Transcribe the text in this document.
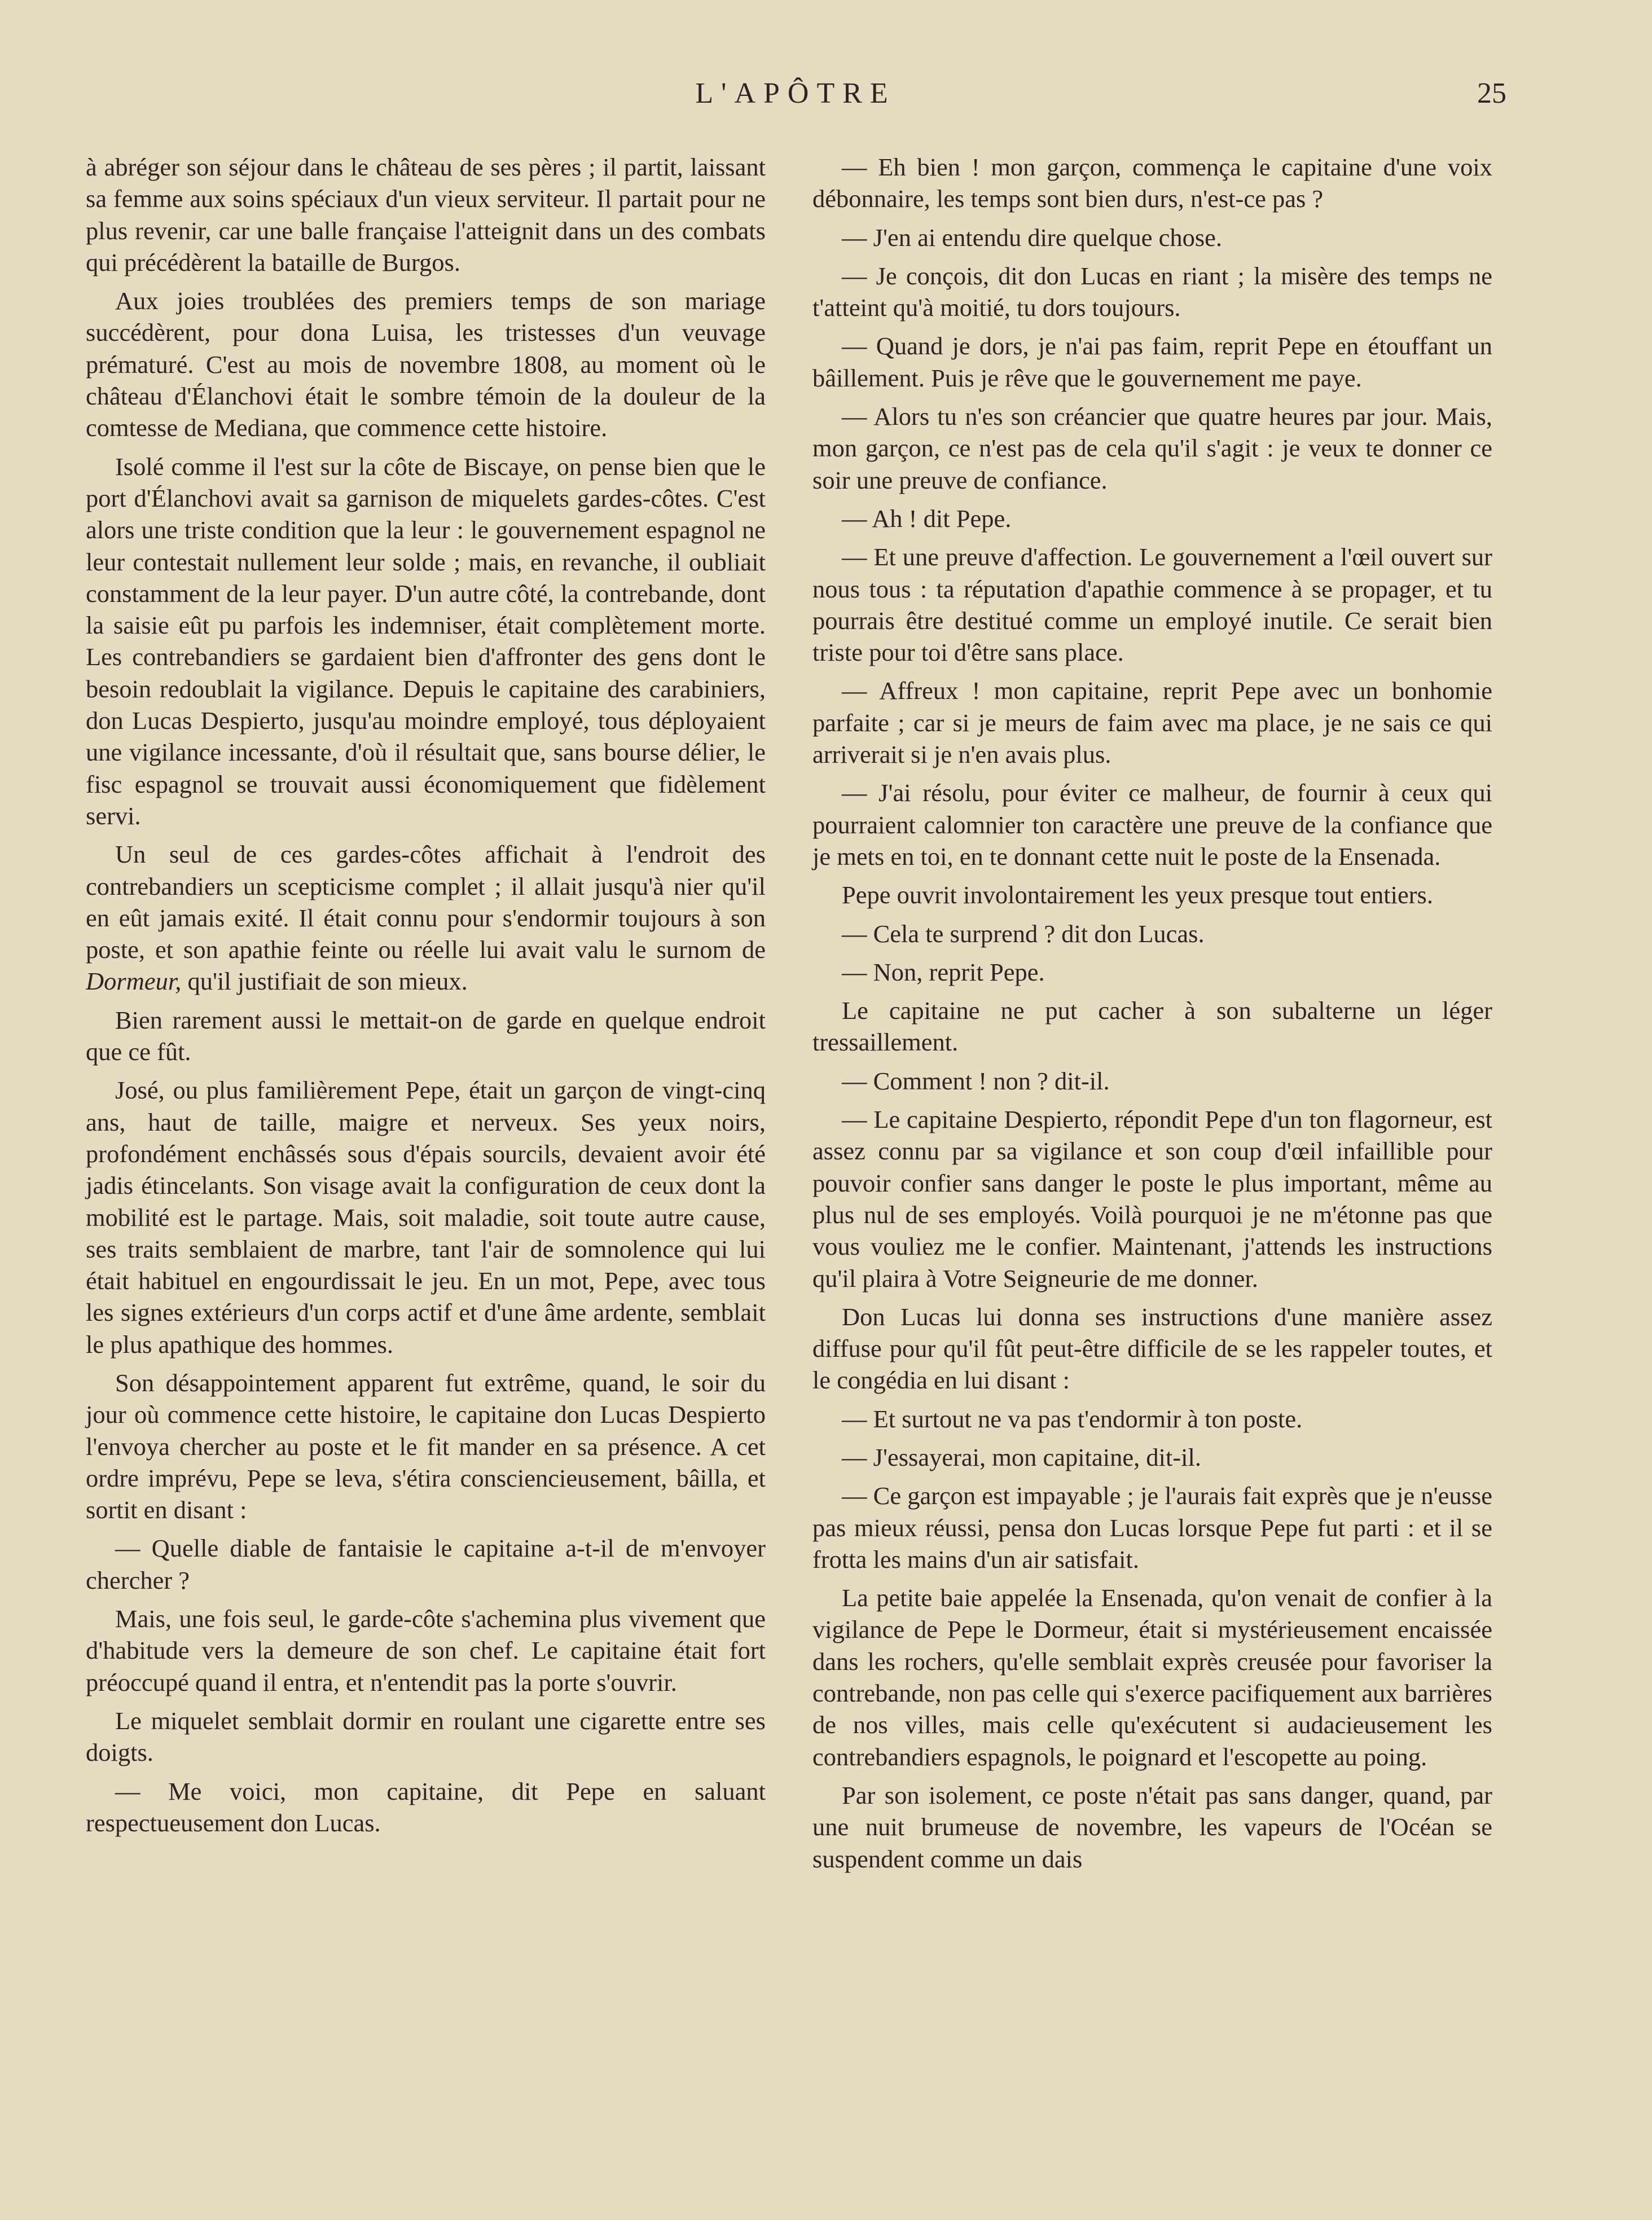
L'APÔTRE	25

à abréger son séjour dans le château de ses pères ; il partit, laissant sa femme aux soins spéciaux d'un vieux serviteur. Il partait pour ne plus revenir, car une balle française l'atteignit dans un des combats qui précédèrent la bataille de Burgos.

Aux joies troublées des premiers temps de son mariage succédèrent, pour dona Luisa, les tristesses d'un veuvage prématuré. C'est au mois de novembre 1808, au moment où le château d'Élanchovi était le sombre témoin de la douleur de la comtesse de Mediana, que commence cette histoire.

Isolé comme il l'est sur la côte de Biscaye, on pense bien que le port d'Élanchovi avait sa garnison de miquelets gardes-côtes. C'est alors une triste condition que la leur : le gouvernement espagnol ne leur contestait nullement leur solde ; mais, en revanche, il oubliait constamment de la leur payer. D'un autre côté, la contrebande, dont la saisie eût pu parfois les indemniser, était complètement morte. Les contrebandiers se gardaient bien d'affronter des gens dont le besoin redoublait la vigilance. Depuis le capitaine des carabiniers, don Lucas Despierto, jusqu'au moindre employé, tous déployaient une vigilance incessante, d'où il résultait que, sans bourse délier, le fisc espagnol se trouvait aussi économiquement que fidèlement servi.

Un seul de ces gardes-côtes affichait à l'endroit des contrebandiers un scepticisme complet ; il allait jusqu'à nier qu'il en eût jamais exité. Il était connu pour s'endormir toujours à son poste, et son apathie feinte ou réelle lui avait valu le surnom de Dormeur, qu'il justifiait de son mieux.

Bien rarement aussi le mettait-on de garde en quelque endroit que ce fût.

José, ou plus familièrement Pepe, était un garçon de vingt-cinq ans, haut de taille, maigre et nerveux. Ses yeux noirs, profondément enchâssés sous d'épais sourcils, devaient avoir été jadis étincelants. Son visage avait la configuration de ceux dont la mobilité est le partage. Mais, soit maladie, soit toute autre cause, ses traits semblaient de marbre, tant l'air de somnolence qui lui était habituel en engourdissait le jeu. En un mot, Pepe, avec tous les signes extérieurs d'un corps actif et d'une âme ardente, semblait le plus apathique des hommes.

Son désappointement apparent fut extrême, quand, le soir du jour où commence cette histoire, le capitaine don Lucas Despierto l'envoya chercher au poste et le fit mander en sa présence. A cet ordre imprévu, Pepe se leva, s'étira consciencieusement, bâilla, et sortit en disant :

— Quelle diable de fantaisie le capitaine a-t-il de m'envoyer chercher ?

Mais, une fois seul, le garde-côte s'achemina plus vivement que d'habitude vers la demeure de son chef. Le capitaine était fort préoccupé quand il entra, et n'entendit pas la porte s'ouvrir.

Le miquelet semblait dormir en roulant une cigarette entre ses doigts.

— Me voici, mon capitaine, dit Pepe en saluant respectueusement don Lucas.

— Eh bien ! mon garçon, commença le capitaine d'une voix débonnaire, les temps sont bien durs, n'est-ce pas ?

— J'en ai entendu dire quelque chose.

— Je conçois, dit don Lucas en riant ; la misère des temps ne t'atteint qu'à moitié, tu dors toujours.

— Quand je dors, je n'ai pas faim, reprit Pepe en étouffant un bâillement. Puis je rêve que le gouvernement me paye.

— Alors tu n'es son créancier que quatre heures par jour. Mais, mon garçon, ce n'est pas de cela qu'il s'agit : je veux te donner ce soir une preuve de confiance.

— Ah ! dit Pepe.

— Et une preuve d'affection. Le gouvernement a l'œil ouvert sur nous tous : ta réputation d'apathie commence à se propager, et tu pourrais être destitué comme un employé inutile. Ce serait bien triste pour toi d'être sans place.

— Affreux ! mon capitaine, reprit Pepe avec un bonhomie parfaite ; car si je meurs de faim avec ma place, je ne sais ce qui arriverait si je n'en avais plus.

— J'ai résolu, pour éviter ce malheur, de fournir à ceux qui pourraient calomnier ton caractère une preuve de la confiance que je mets en toi, en te donnant cette nuit le poste de la Ensenada.

Pepe ouvrit involontairement les yeux presque tout entiers.

— Cela te surprend ? dit don Lucas.

— Non, reprit Pepe.

Le capitaine ne put cacher à son subalterne un léger tressaillement.

— Comment ! non ? dit-il.

— Le capitaine Despierto, répondit Pepe d'un ton flagorneur, est assez connu par sa vigilance et son coup d'œil infaillible pour pouvoir confier sans danger le poste le plus important, même au plus nul de ses employés. Voilà pourquoi je ne m'étonne pas que vous vouliez me le confier. Maintenant, j'attends les instructions qu'il plaira à Votre Seigneurie de me donner.

Don Lucas lui donna ses instructions d'une manière assez diffuse pour qu'il fût peut-être difficile de se les rappeler toutes, et le congédia en lui disant :

— Et surtout ne va pas t'endormir à ton poste.

— J'essayerai, mon capitaine, dit-il.

— Ce garçon est impayable ; je l'aurais fait exprès que je n'eusse pas mieux réussi, pensa don Lucas lorsque Pepe fut parti : et il se frotta les mains d'un air satisfait.

La petite baie appelée la Ensenada, qu'on venait de confier à la vigilance de Pepe le Dormeur, était si mystérieusement encaissée dans les rochers, qu'elle semblait exprès creusée pour favoriser la contrebande, non pas celle qui s'exerce pacifiquement aux barrières de nos villes, mais celle qu'exécutent si audacieusement les contrebandiers espagnols, le poignard et l'escopette au poing.

Par son isolement, ce poste n'était pas sans danger, quand, par une nuit brumeuse de novembre, les vapeurs de l'Océan se suspendent comme un dais
